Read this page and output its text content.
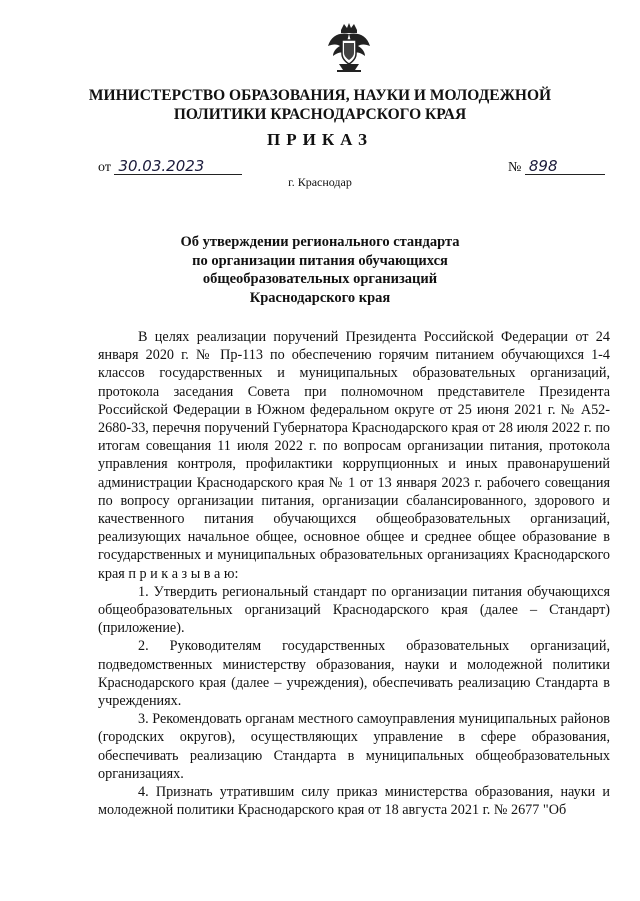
МИНИСТЕРСТВО ОБРАЗОВАНИЯ, НАУКИ И МОЛОДЕЖНОЙ
ПОЛИТИКИ КРАСНОДАРСКОГО КРАЯ
ПРИКАЗ
от 30.03.2023	№ 898
г. Краснодар
Об утверждении регионального стандарта
по организации питания обучающихся
общеобразовательных организаций
Краснодарского края

В целях реализации поручений Президента Российской Федерации от 24 января 2020 г. № Пр-113 по обеспечению горячим питанием обучающихся 1-4 классов государственных и муниципальных образовательных организаций, протокола заседания Совета при полномочном представителе Президента Российской Федерации в Южном федеральном округе от 25 июня 2021 г. № А52-2680-33, перечня поручений Губернатора Краснодарского края от 28 июля 2022 г. по итогам совещания 11 июля 2022 г. по вопросам организации питания, протокола управления контроля, профилактики коррупционных и иных правонарушений администрации Краснодарского края № 1 от 13 января 2023 г. рабочего совещания по вопросу организации питания, организации сбалансированного, здорового и качественного питания обучающихся общеобразовательных организаций, реализующих начальное общее, основное общее и среднее общее образование в государственных и муниципальных образовательных организациях Краснодарского края п р и к а з ы в а ю:

1. Утвердить региональный стандарт по организации питания обучающихся общеобразовательных организаций Краснодарского края (далее – Стандарт) (приложение).

2. Руководителям государственных образовательных организаций, подведомственных министерству образования, науки и молодежной политики Краснодарского края (далее – учреждения), обеспечивать реализацию Стандарта в учреждениях.

3. Рекомендовать органам местного самоуправления муниципальных районов (городских округов), осуществляющих управление в сфере образования, обеспечивать реализацию Стандарта в муниципальных общеобразовательных организациях.

4. Признать утратившим силу приказ министерства образования, науки и молодежной политики Краснодарского края от 18 августа 2021 г. № 2677 "Об
